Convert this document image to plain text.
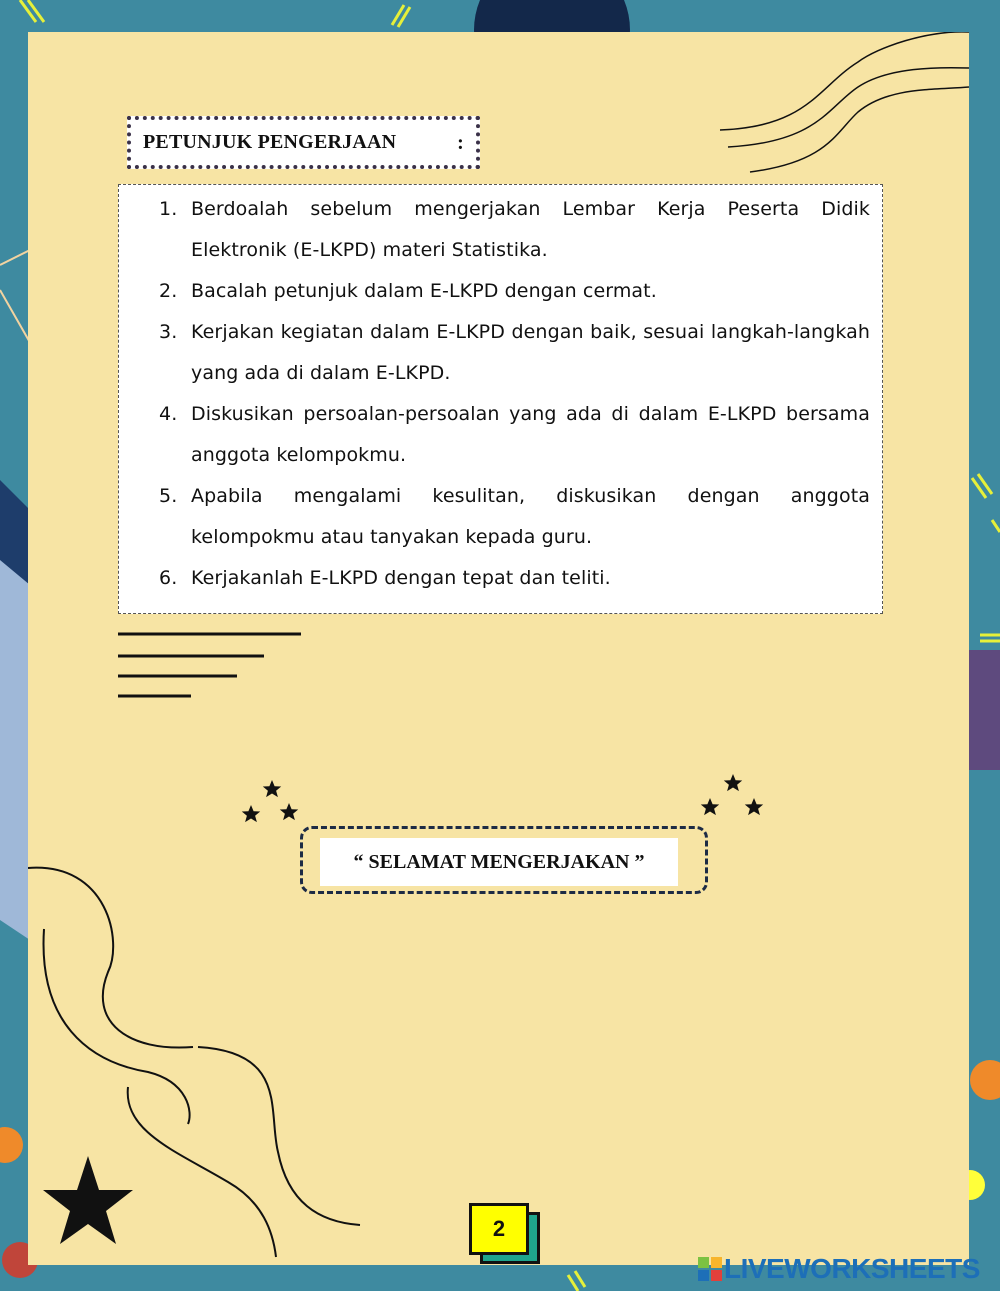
PETUNJUK PENGERJAAN	:
1. Berdoalah sebelum mengerjakan Lembar Kerja Peserta Didik Elektronik (E-LKPD) materi Statistika.
2. Bacalah petunjuk dalam E-LKPD dengan cermat.
3. Kerjakan kegiatan dalam E-LKPD dengan baik, sesuai langkah-langkah yang ada di dalam E-LKPD.
4. Diskusikan persoalan-persoalan yang ada di dalam E-LKPD bersama anggota kelompokmu.
5. Apabila mengalami kesulitan, diskusikan dengan anggota kelompokmu atau tanyakan kepada guru.
6. Kerjakanlah E-LKPD dengan tepat dan teliti.
“ SELAMAT MENGERJAKAN ”
2
LIVEWORKSHEETS
